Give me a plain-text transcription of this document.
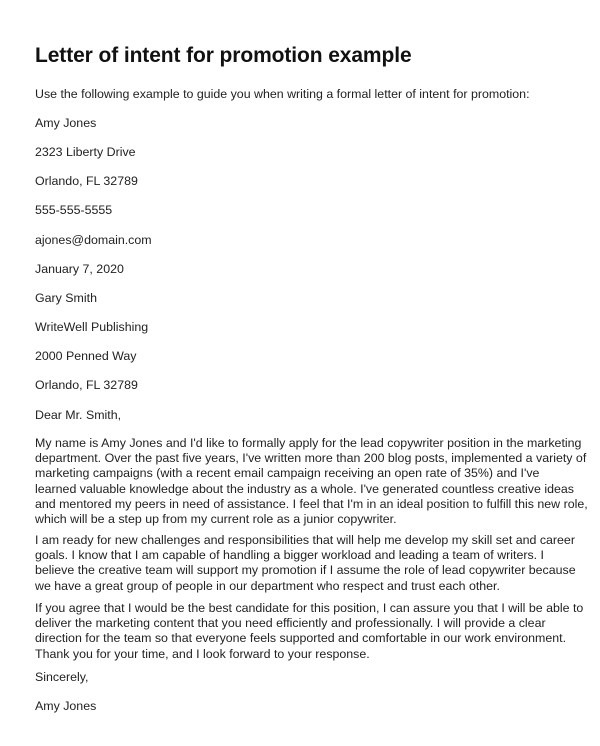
Letter of intent for promotion example

Use the following example to guide you when writing a formal letter of intent for promotion:

Amy Jones

2323 Liberty Drive

Orlando, FL 32789

555-555-5555

ajones@domain.com

January 7, 2020

Gary Smith

WriteWell Publishing

2000 Penned Way

Orlando, FL 32789

Dear Mr. Smith,

My name is Amy Jones and I'd like to formally apply for the lead copywriter position in the marketing
department. Over the past five years, I've written more than 200 blog posts, implemented a variety of
marketing campaigns (with a recent email campaign receiving an open rate of 35%) and I've
learned valuable knowledge about the industry as a whole. I've generated countless creative ideas
and mentored my peers in need of assistance. I feel that I'm in an ideal position to fulfill this new role,
which will be a step up from my current role as a junior copywriter.
I am ready for new challenges and responsibilities that will help me develop my skill set and career
goals. I know that I am capable of handling a bigger workload and leading a team of writers. I
believe the creative team will support my promotion if I assume the role of lead copywriter because
we have a great group of people in our department who respect and trust each other.
If you agree that I would be the best candidate for this position, I can assure you that I will be able to
deliver the marketing content that you need efficiently and professionally. I will provide a clear
direction for the team so that everyone feels supported and comfortable in our work environment.
Thank you for your time, and I look forward to your response.

Sincerely,

Amy Jones
